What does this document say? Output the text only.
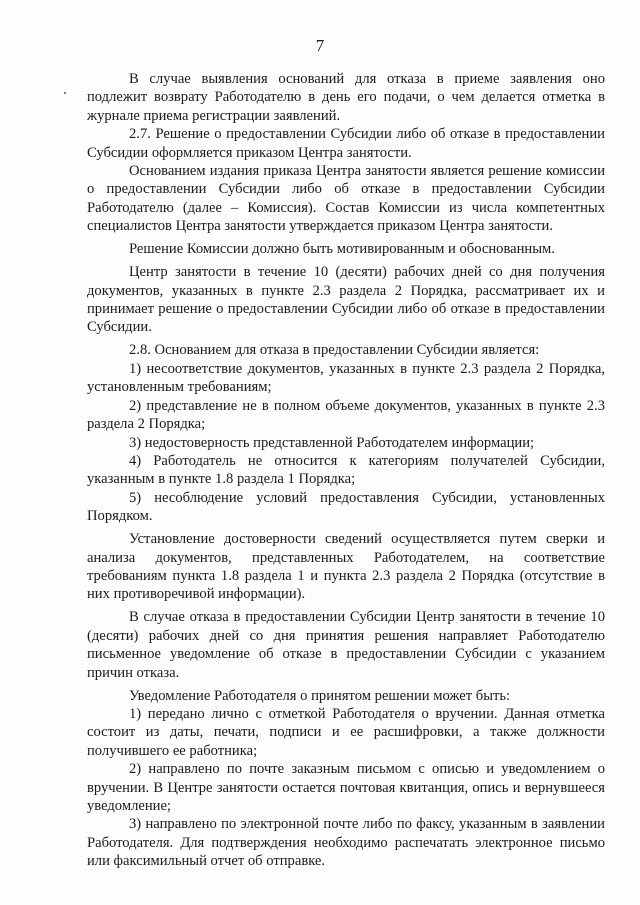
7

В случае выявления оснований для отказа в приеме заявления оно подлежит возврату Работодателю в день его подачи, о чем делается отметка в журнале приема регистрации заявлений.

2.7. Решение о предоставлении Субсидии либо об отказе в предоставлении Субсидии оформляется приказом Центра занятости.

Основанием издания приказа Центра занятости является решение комиссии о предоставлении Субсидии либо об отказе в предоставлении Субсидии Работодателю (далее – Комиссия). Состав Комиссии из числа компетентных специалистов Центра занятости утверждается приказом Центра занятости.

Решение Комиссии должно быть мотивированным и обоснованным.

Центр занятости в течение 10 (десяти) рабочих дней со дня получения документов, указанных в пункте 2.3 раздела 2 Порядка, рассматривает их и принимает решение о предоставлении Субсидии либо об отказе в предоставлении Субсидии.

2.8. Основанием для отказа в предоставлении Субсидии является:

1) несоответствие документов, указанных в пункте 2.3 раздела 2 Порядка, установленным требованиям;

2) представление не в полном объеме документов, указанных в пункте 2.3 раздела 2 Порядка;

3) недостоверность представленной Работодателем информации;

4) Работодатель не относится к категориям получателей Субсидии, указанным в пункте 1.8 раздела 1 Порядка;

5) несоблюдение условий предоставления Субсидии, установленных Порядком.

Установление достоверности сведений осуществляется путем сверки и анализа документов, представленных Работодателем, на соответствие требованиям пункта 1.8 раздела 1 и пункта 2.3 раздела 2 Порядка (отсутствие в них противоречивой информации).

В случае отказа в предоставлении Субсидии Центр занятости в течение 10 (десяти) рабочих дней со дня принятия решения направляет Работодателю письменное уведомление об отказе в предоставлении Субсидии с указанием причин отказа.

Уведомление Работодателя о принятом решении может быть:

1) передано лично с отметкой Работодателя о вручении. Данная отметка состоит из даты, печати, подписи и ее расшифровки, а также должности получившего ее работника;

2) направлено по почте заказным письмом с описью и уведомлением о вручении. В Центре занятости остается почтовая квитанция, опись и вернувшееся уведомление;

3) направлено по электронной почте либо по факсу, указанным в заявлении Работодателя. Для подтверждения необходимо распечатать электронное письмо или факсимильный отчет об отправке.
